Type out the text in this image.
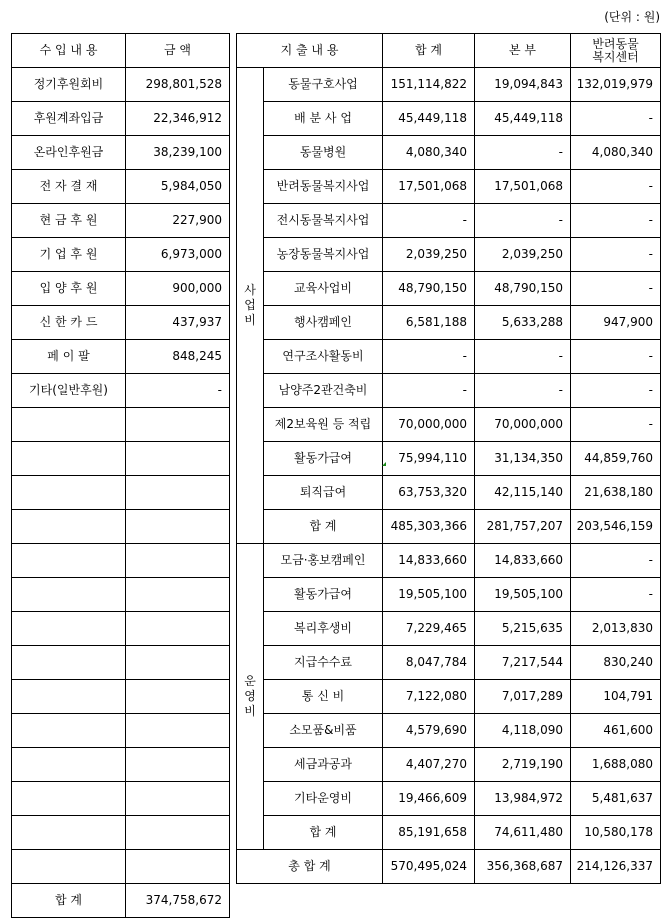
(단위 : 원)
수 입 내 용	금 액
정기후원회비	298,801,528
후원계좌입금	22,346,912
온라인후원금	38,239,100
전 자 결 재	5,984,050
현 금 후 원	227,900
기 업 후 원	6,973,000
입 양 후 원	900,000
신 한 카 드	437,937
페 이 팔	848,245
기타(일반후원)	-

합 계	374,758,672
지 출 내 용		합 계	본 부	반려동물
복지센터

사
업
비	동물구호사업	151,114,822	19,094,843	132,019,979
	배 분 사 업	45,449,118	45,449,118	-
	동물병원	4,080,340	-	4,080,340
	반려동물복지사업	17,501,068	17,501,068	-
	전시동물복지사업	-	-	-
	농장동물복지사업	2,039,250	2,039,250	-
	교육사업비	48,790,150	48,790,150	-
	행사캠페인	6,581,188	5,633,288	947,900
	연구조사활동비	-	-	-
	남양주2관건축비	-	-	-
	제2보육원 등 적립	70,000,000	70,000,000	-
	활동가급여	75,994,110	31,134,350	44,859,760
	퇴직급여	63,753,320	42,115,140	21,638,180
	합 계	485,303,366	281,757,207	203,546,159

운
영
비	모금·홍보캠페인	14,833,660	14,833,660	-
	활동가급여	19,505,100	19,505,100	-
	복리후생비	7,229,465	5,215,635	2,013,830
	지급수수료	8,047,784	7,217,544	830,240
	통 신 비	7,122,080	7,017,289	104,791
	소모품&비품	4,579,690	4,118,090	461,600
	세금과공과	4,407,270	2,719,190	1,688,080
	기타운영비	19,466,609	13,984,972	5,481,637
	합 계	85,191,658	74,611,480	10,580,178
총 합 계		570,495,024	356,368,687	214,126,337
